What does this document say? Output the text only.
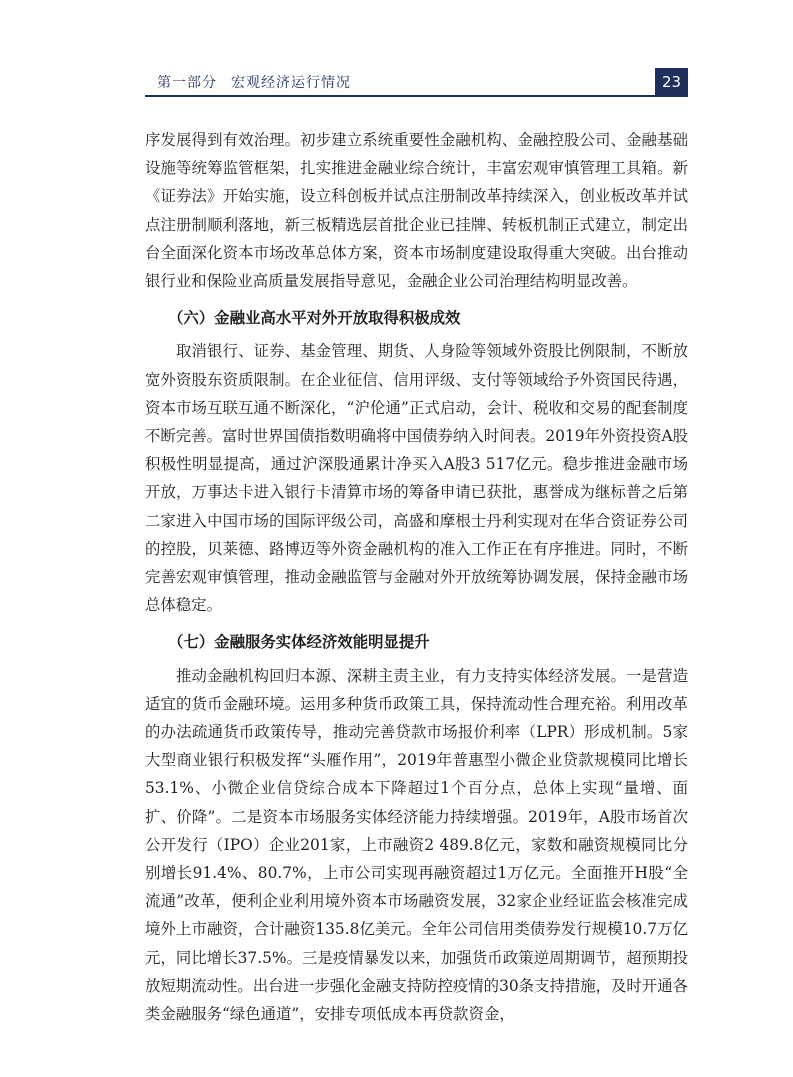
第一部分 宏观经济运行情况	23

序发展得到有效治理。初步建立系统重要性金融机构、金融控股公司、金融基础设施等统筹监管框架，扎实推进金融业综合统计，丰富宏观审慎管理工具箱。新《证券法》开始实施，设立科创板并试点注册制改革持续深入，创业板改革并试点注册制顺利落地，新三板精选层首批企业已挂牌、转板机制正式建立，制定出台全面深化资本市场改革总体方案，资本市场制度建设取得重大突破。出台推动银行业和保险业高质量发展指导意见，金融企业公司治理结构明显改善。

（六）金融业高水平对外开放取得积极成效

取消银行、证券、基金管理、期货、人身险等领域外资股比例限制，不断放宽外资股东资质限制。在企业征信、信用评级、支付等领域给予外资国民待遇，资本市场互联互通不断深化，“沪伦通”正式启动，会计、税收和交易的配套制度不断完善。富时世界国债指数明确将中国债券纳入时间表。2019年外资投资A股积极性明显提高，通过沪深股通累计净买入A股3 517亿元。稳步推进金融市场开放，万事达卡进入银行卡清算市场的筹备申请已获批，惠誉成为继标普之后第二家进入中国市场的国际评级公司，高盛和摩根士丹利实现对在华合资证券公司的控股，贝莱德、路博迈等外资金融机构的准入工作正在有序推进。同时，不断完善宏观审慎管理，推动金融监管与金融对外开放统筹协调发展，保持金融市场总体稳定。

（七）金融服务实体经济效能明显提升

推动金融机构回归本源、深耕主责主业，有力支持实体经济发展。一是营造适宜的货币金融环境。运用多种货币政策工具，保持流动性合理充裕。利用改革的办法疏通货币政策传导，推动完善贷款市场报价利率（LPR）形成机制。5家大型商业银行积极发挥“头雁作用”，2019年普惠型小微企业贷款规模同比增长53.1%、小微企业信贷综合成本下降超过1个百分点，总体上实现“量增、面扩、价降”。二是资本市场服务实体经济能力持续增强。2019年，A股市场首次公开发行（IPO）企业201家，上市融资2 489.8亿元，家数和融资规模同比分别增长91.4%、80.7%，上市公司实现再融资超过1万亿元。全面推开H股“全流通”改革，便利企业利用境外资本市场融资发展，32家企业经证监会核准完成境外上市融资，合计融资135.8亿美元。全年公司信用类债券发行规模10.7万亿元，同比增长37.5%。三是疫情暴发以来，加强货币政策逆周期调节，超预期投放短期流动性。出台进一步强化金融支持防控疫情的30条支持措施，及时开通各类金融服务“绿色通道”，安排专项低成本再贷款资金，
